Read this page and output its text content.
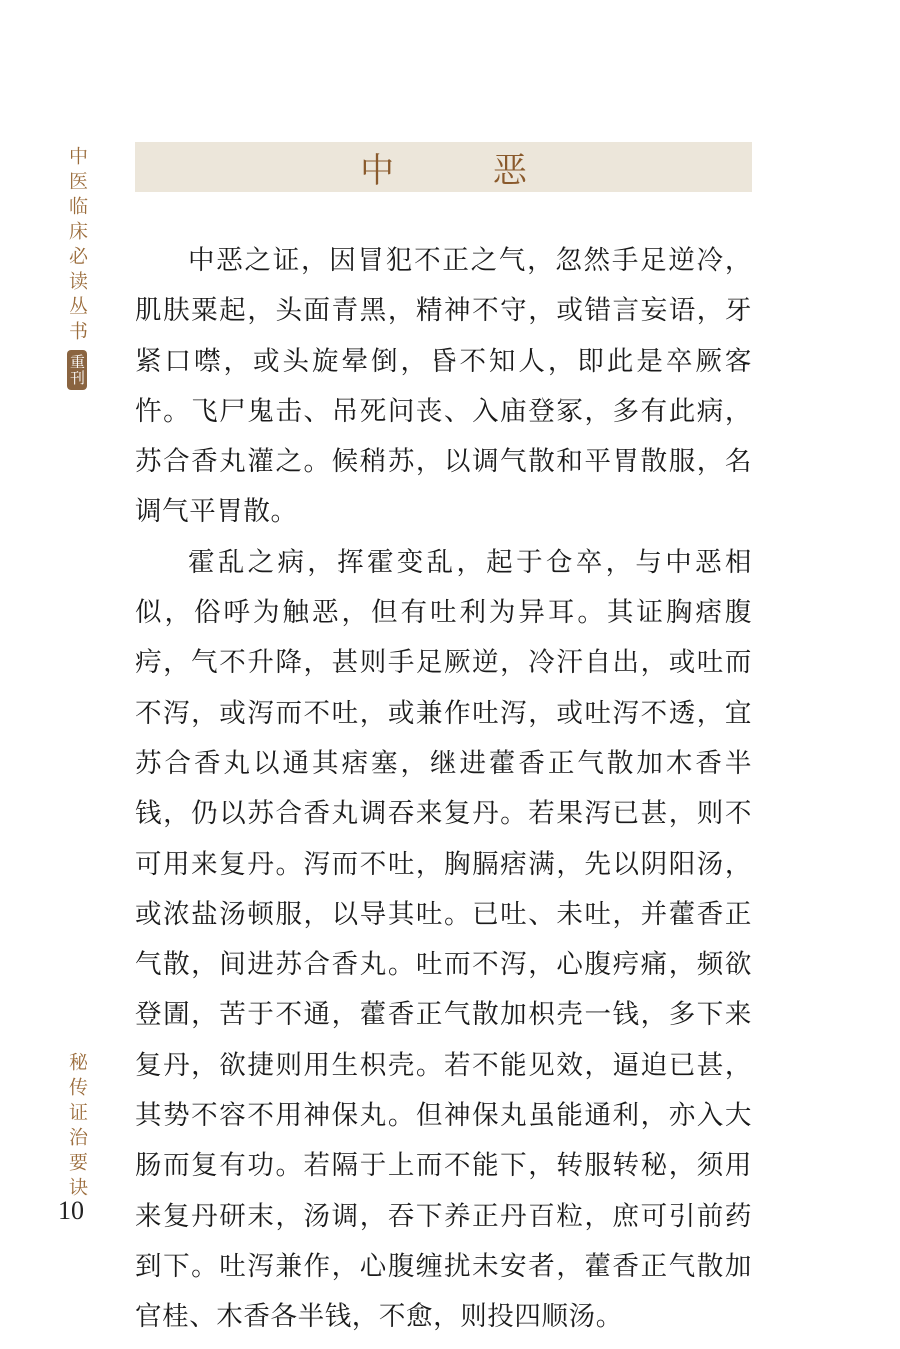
中医临床必读丛书
重刊
秘传证治要诀
10
中 恶

中恶之证，因冒犯不正之气，忽然手足逆冷，肌肤粟起，头面青黑，精神不守，或错言妄语，牙紧口噤，或头旋晕倒，昏不知人，即此是卒厥客忤。飞尸鬼击、吊死问丧、入庙登冢，多有此病，苏合香丸灌之。候稍苏，以调气散和平胃散服，名调气平胃散。

霍乱之病，挥霍变乱，起于仓卒，与中恶相似，俗呼为触恶，但有吐利为异耳。其证胸痞腹疞，气不升降，甚则手足厥逆，冷汗自出，或吐而不泻，或泻而不吐，或兼作吐泻，或吐泻不透，宜苏合香丸以通其痞塞，继进藿香正气散加木香半钱，仍以苏合香丸调吞来复丹。若果泻已甚，则不可用来复丹。泻而不吐，胸膈痞满，先以阴阳汤，或浓盐汤顿服，以导其吐。已吐、未吐，并藿香正气散，间进苏合香丸。吐而不泻，心腹疞痛，频欲登圊，苦于不通，藿香正气散加枳壳一钱，多下来复丹，欲捷则用生枳壳。若不能见效，逼迫已甚，其势不容不用神保丸。但神保丸虽能通利，亦入大肠而复有功。若隔于上而不能下，转服转秘，须用来复丹研末，汤调，吞下养正丹百粒，庶可引前药到下。吐泻兼作，心腹缠扰未安者，藿香正气散加官桂、木香各半钱，不愈，则投四顺汤。
